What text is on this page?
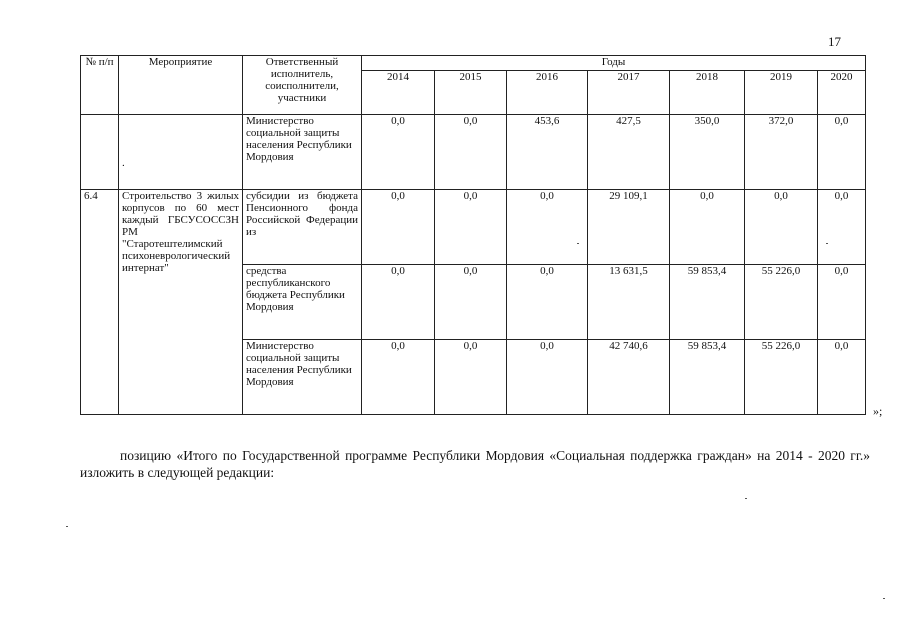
17
№ п/п	Мероприятие	Ответственный исполнитель, соисполнители, участники	Годы						
			2014	2015	2016	2017	2018	2019	2020
	.	Министерство социальной защиты населения Республики Мордовия	0,0	0,0	453,6	427,5	350,0	372,0	0,0
6.4	Строительство 3 жилых корпусов по 60 мест каждый ГБСУСОССЗН РМ "Старотештелимский психоневрологический интернат"	субсидии из бюджета Пенсионного фонда Российской Федерации из	0,0	0,0	0,0	29 109,1	0,0	0,0	0,0
		средства республиканского бюджета Республики Мордовия	0,0	0,0	0,0	13 631,5	59 853,4	55 226,0	0,0
		Министерство социальной защиты населения Республики Мордовия	0,0	0,0	0,0	42 740,6	59 853,4	55 226,0	0,0
»;

позицию «Итого по Государственной программе Республики Мордовия «Социальная поддержка граждан» на 2014 - 2020 гг.» изложить в следующей редакции:
